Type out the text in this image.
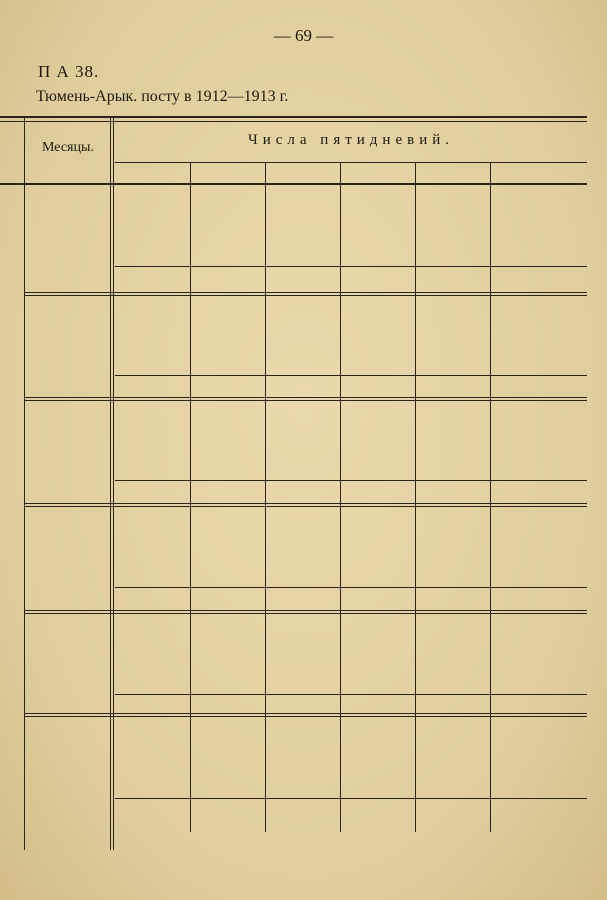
— 69 —
П А 38.
Тюмень-Арык. посту в 1912—1913 г.
Месяцы.	Числа пятидневий.
